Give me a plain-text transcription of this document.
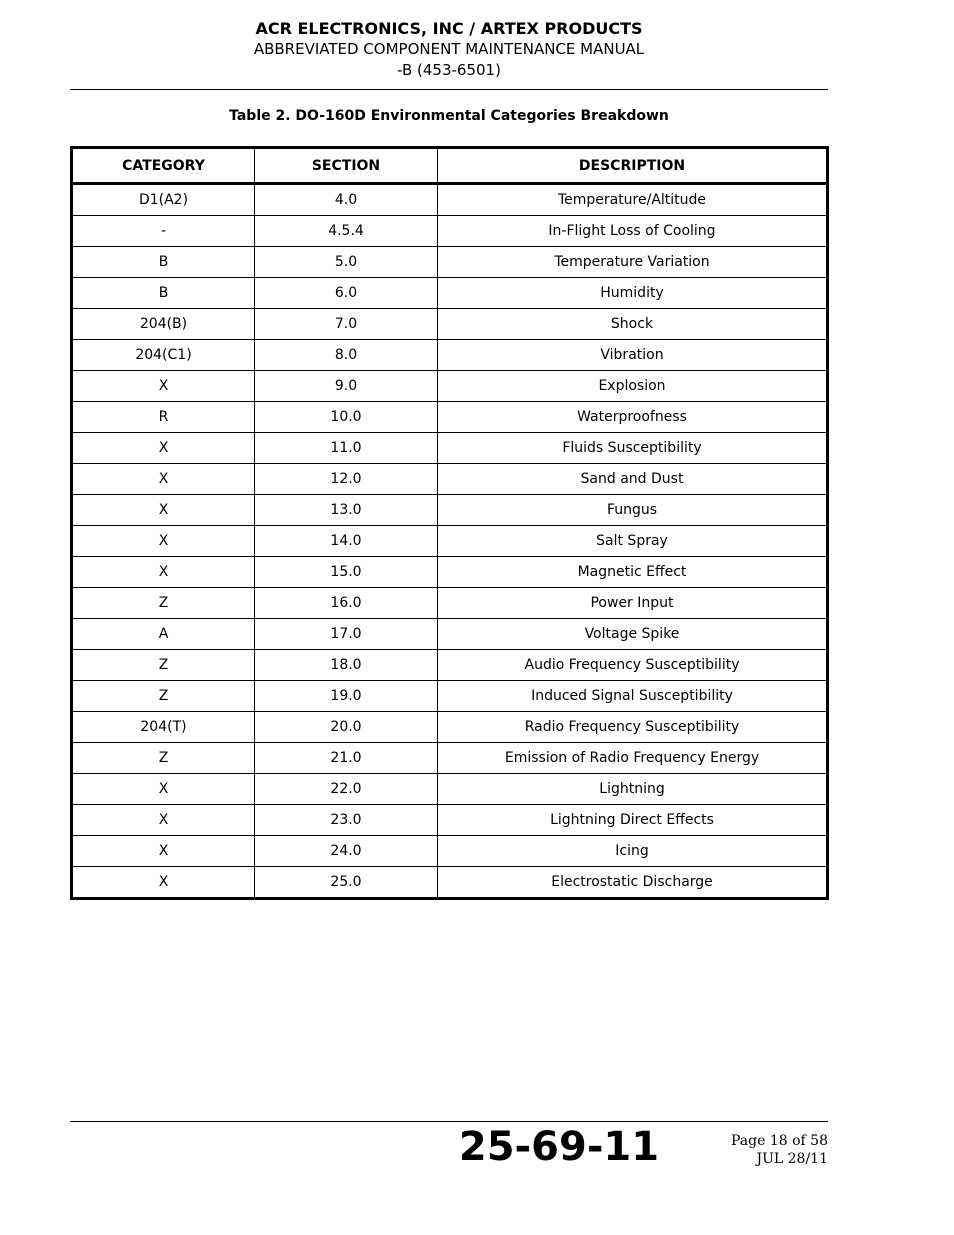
ACR ELECTRONICS, INC / ARTEX PRODUCTS
ABBREVIATED COMPONENT MAINTENANCE MANUAL
-B (453-6501)
Table 2. DO-160D Environmental Categories Breakdown
CATEGORY	SECTION	DESCRIPTION
D1(A2)	4.0	Temperature/Altitude
-	4.5.4	In-Flight Loss of Cooling
B	5.0	Temperature Variation
B	6.0	Humidity
204(B)	7.0	Shock
204(C1)	8.0	Vibration
X	9.0	Explosion
R	10.0	Waterproofness
X	11.0	Fluids Susceptibility
X	12.0	Sand and Dust
X	13.0	Fungus
X	14.0	Salt Spray
X	15.0	Magnetic Effect
Z	16.0	Power Input
A	17.0	Voltage Spike
Z	18.0	Audio Frequency Susceptibility
Z	19.0	Induced Signal Susceptibility
204(T)	20.0	Radio Frequency Susceptibility
Z	21.0	Emission of Radio Frequency Energy
X	22.0	Lightning
X	23.0	Lightning Direct Effects
X	24.0	Icing
X	25.0	Electrostatic Discharge
25-69-11	Page 18 of 58
JUL 28/11
